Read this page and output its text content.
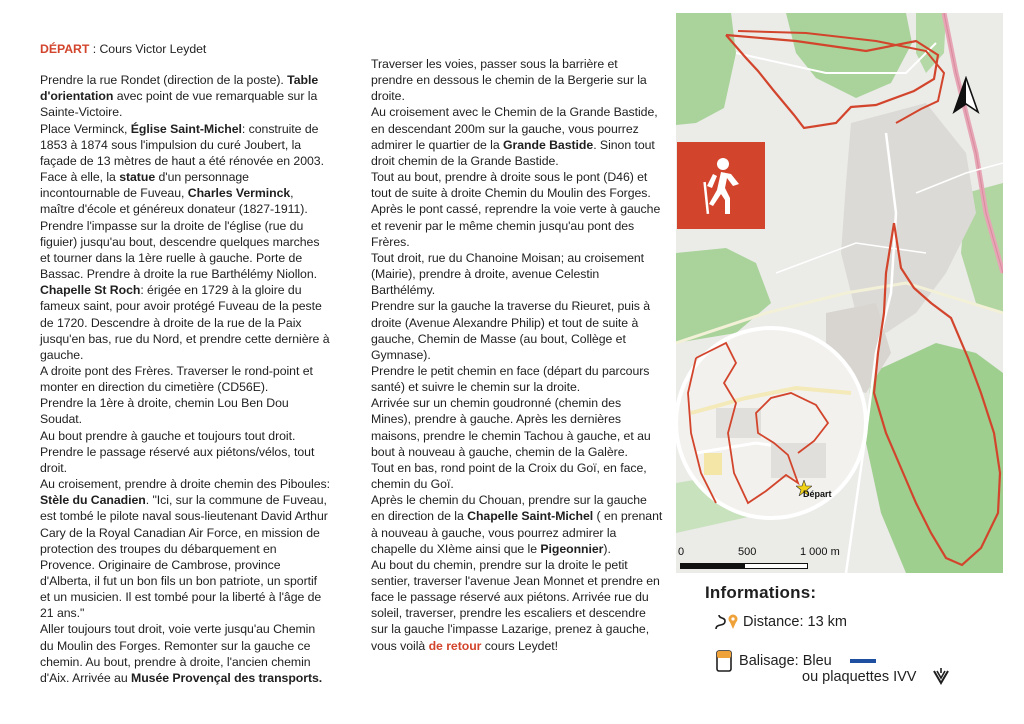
DÉPART : Cours Victor Leydet

Prendre la rue Rondet (direction de la poste). Table d'orientation avec point de vue remarquable sur la Sainte-Victoire.

Place Verminck, Église Saint-Michel: construite de 1853 à 1874 sous l'impulsion du curé Joubert, la façade de 13 mètres de haut a été rénovée en 2003. Face à elle, la statue d'un personnage incontournable de Fuveau, Charles Verminck, maître d'école et généreux donateur (1827-1911).

Prendre l'impasse sur la droite de l'église (rue du figuier) jusqu'au bout, descendre quelques marches et tourner dans la 1ère ruelle à gauche. Porte de Bassac. Prendre à droite la rue Barthélémy Niollon.

Chapelle St Roch: érigée en 1729 à la gloire du fameux saint, pour avoir protégé Fuveau de la peste de 1720. Descendre à droite de la rue de la Paix jusqu'en bas, rue du Nord, et prendre cette dernière à gauche.

A droite pont des Frères. Traverser le rond-point et monter en direction du cimetière (CD56E).

Prendre la 1ère à droite, chemin Lou Ben Dou Soudat.

Au bout prendre à gauche et toujours tout droit.

Prendre le passage réservé aux piétons/vélos, tout droit.

Au croisement, prendre à droite chemin des Piboules: Stèle du Canadien. "Ici, sur la commune de Fuveau, est tombé le pilote naval sous-lieutenant David Arthur Cary de la Royal Canadian Air Force, en mission de protection des troupes du débarquement en Provence. Originaire de Cambrose, province d'Alberta, il fut un bon fils un bon patriote, un sportif et un musicien. Il est tombé pour la liberté à l'âge de 21 ans."

Aller toujours tout droit, voie verte jusqu'au Chemin du Moulin des Forges. Remonter sur la gauche ce chemin. Au bout, prendre à droite, l'ancien chemin d'Aix. Arrivée au Musée Provençal des transports.

Traverser les voies, passer sous la barrière et prendre en dessous le chemin de la Bergerie sur la droite.

Au croisement avec le Chemin de la Grande Bastide, en descendant 200m sur la gauche, vous pourrez admirer le quartier de la Grande Bastide. Sinon tout droit chemin de la Grande Bastide.

Tout au bout, prendre à droite sous le pont (D46) et tout de suite à droite Chemin du Moulin des Forges.

Après le pont cassé, reprendre la voie verte à gauche et revenir par le même chemin jusqu'au pont des Frères.

Tout droit, rue du Chanoine Moisan; au croisement (Mairie), prendre à droite, avenue Celestin Barthélémy.

Prendre sur la gauche la traverse du Rieuret, puis à droite (Avenue Alexandre Philip) et tout de suite à gauche, Chemin de Masse (au bout, Collège et Gymnase).

Prendre le petit chemin en face (départ du parcours santé) et suivre le chemin sur la droite.

Arrivée sur un chemin goudronné (chemin des Mines), prendre à gauche. Après les dernières maisons, prendre le chemin Tachou à gauche, et au bout à nouveau à gauche, chemin de la Galère.

Tout en bas, rond point de la Croix du Goï, en face, chemin du Goï.

Après le chemin du Chouan, prendre sur la gauche en direction de la Chapelle Saint-Michel ( en prenant à nouveau à gauche, vous pourrez admirer la chapelle du XIème ainsi que le Pigeonnier).

Au bout du chemin, prendre sur la droite le petit sentier, traverser l'avenue Jean Monnet et prendre en face le passage réservé aux piétons. Arrivée rue du soleil, traverser, prendre les escaliers et descendre sur la gauche l'impasse Lazarige, prenez à gauche, vous voilà de retour cours Leydet!

Départ
0	500	1 000 m
Informations:
Distance: 13 km
Balisage: Bleu
ou plaquettes IVV
